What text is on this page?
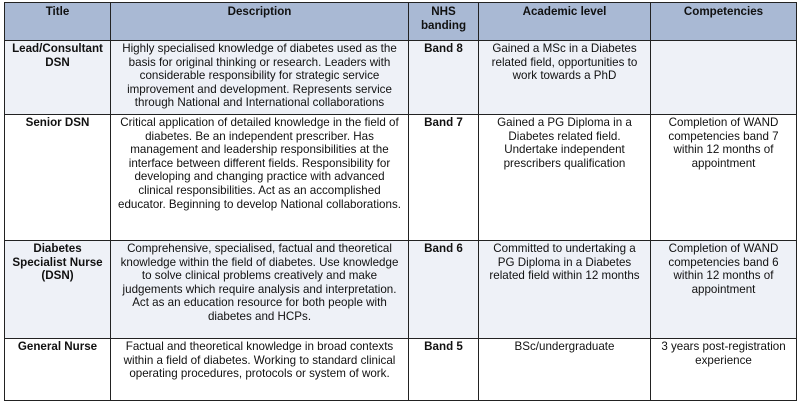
Title	Description	NHS banding	Academic level	Competencies
Lead/Consultant DSN	Highly specialised knowledge of diabetes used as the basis for original thinking or research. Leaders with considerable responsibility for strategic service improvement and development. Represents service through National and International collaborations	Band 8	Gained a MSc in a Diabetes related field, opportunities to work towards a PhD	
Senior DSN	Critical application of detailed knowledge in the field of diabetes. Be an independent prescriber. Has management and leadership responsibilities at the interface between different fields. Responsibility for developing and changing practice with advanced clinical responsibilities. Act as an accomplished educator. Beginning to develop National collaborations.	Band 7	Gained a PG Diploma in a Diabetes related field. Undertake independent prescribers qualification	Completion of WAND competencies band 7 within 12 months of appointment
Diabetes Specialist Nurse (DSN)	Comprehensive, specialised, factual and theoretical knowledge within the field of diabetes. Use knowledge to solve clinical problems creatively and make judgements which require analysis and interpretation. Act as an education resource for both people with diabetes and HCPs.	Band 6	Committed to undertaking a PG Diploma in a Diabetes related field within 12 months	Completion of WAND competencies band 6 within 12 months of appointment
General Nurse	Factual and theoretical knowledge in broad contexts within a field of diabetes. Working to standard clinical operating procedures, protocols or system of work.	Band 5	BSc/undergraduate	3 years post-registration experience
